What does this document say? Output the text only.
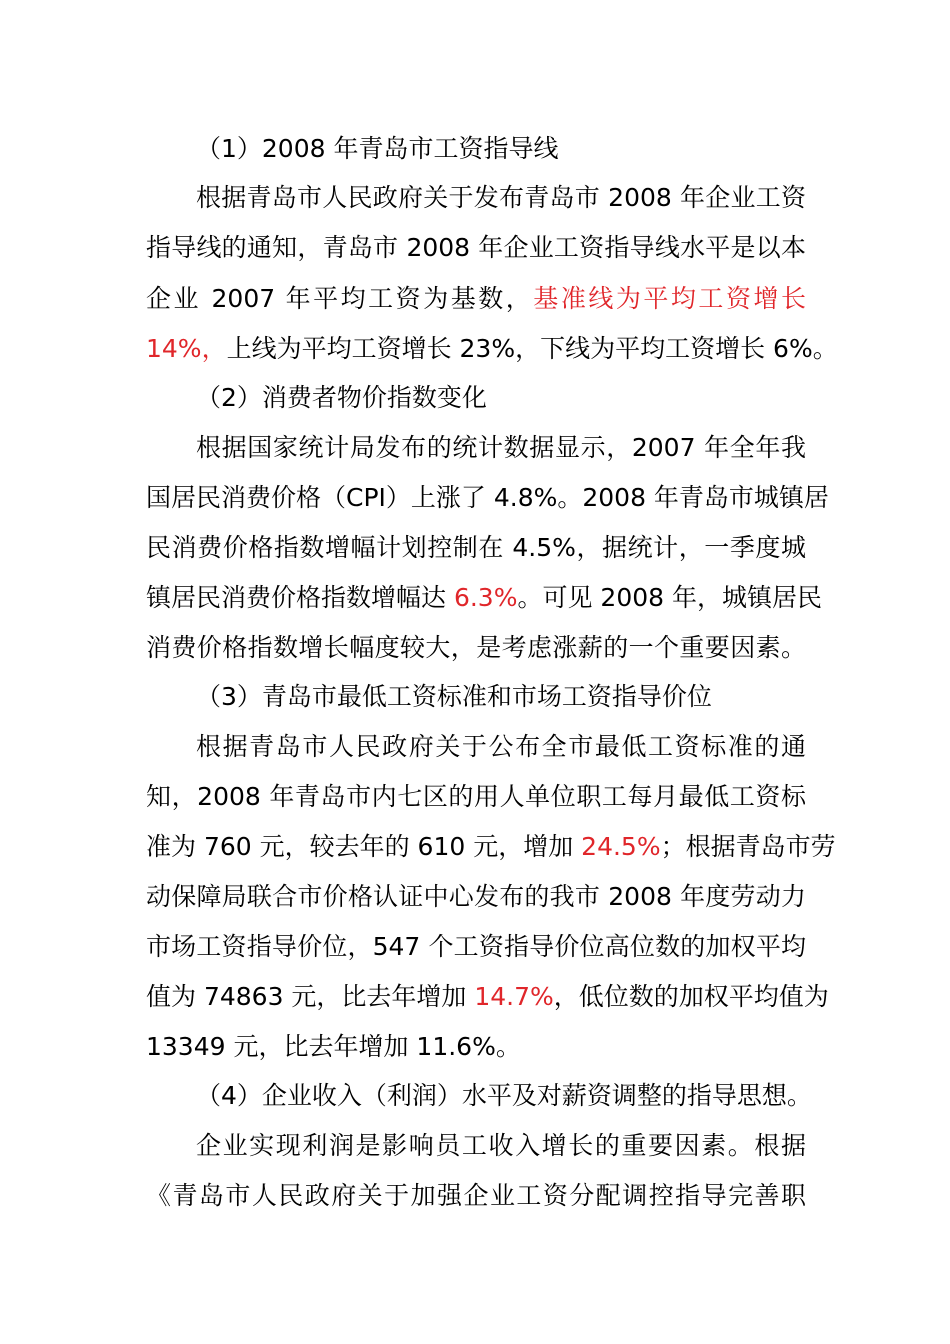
（1）2008 年青岛市工资指导线
根据青岛市人民政府关于发布青岛市 2008 年企业工资
指导线的通知，青岛市 2008 年企业工资指导线水平是以本
企业 2007 年平均工资为基数，基准线为平均工资增长
14%，上线为平均工资增长 23%，下线为平均工资增长 6%。
（2）消费者物价指数变化
根据国家统计局发布的统计数据显示，2007 年全年我
国居民消费价格（CPI）上涨了 4.8%。2008 年青岛市城镇居
民消费价格指数增幅计划控制在 4.5%，据统计，一季度城
镇居民消费价格指数增幅达 6.3%。可见 2008 年，城镇居民
消费价格指数增长幅度较大，是考虑涨薪的一个重要因素。
（3）青岛市最低工资标准和市场工资指导价位
根据青岛市人民政府关于公布全市最低工资标准的通
知，2008 年青岛市内七区的用人单位职工每月最低工资标
准为 760 元，较去年的 610 元，增加 24.5%；根据青岛市劳
动保障局联合市价格认证中心发布的我市 2008 年度劳动力
市场工资指导价位，547 个工资指导价位高位数的加权平均
值为 74863 元，比去年增加 14.7%，低位数的加权平均值为
13349 元，比去年增加 11.6%。
（4）企业收入（利润）水平及对薪资调整的指导思想。
企业实现利润是影响员工收入增长的重要因素。根据
《青岛市人民政府关于加强企业工资分配调控指导完善职
